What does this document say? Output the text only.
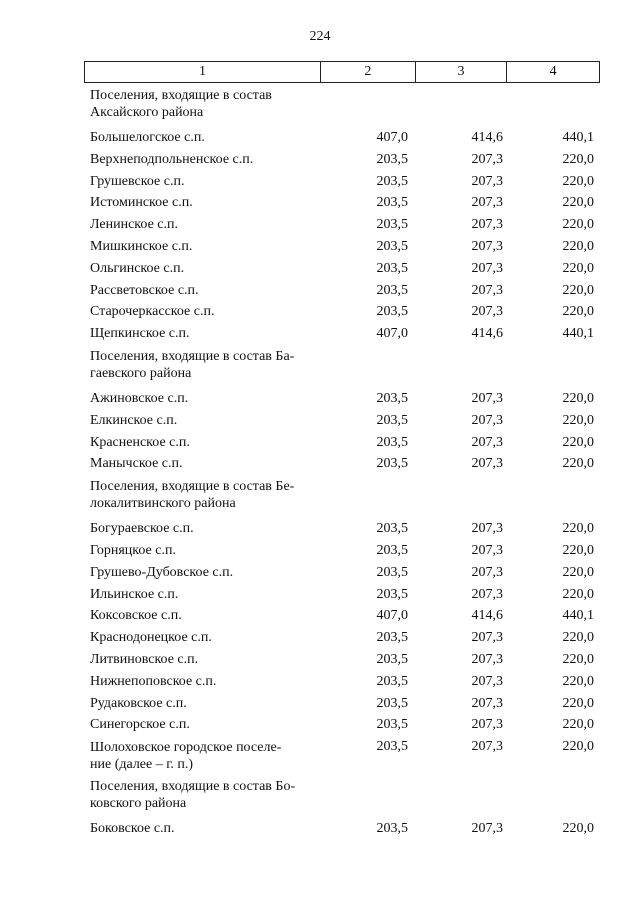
224
1	2	3	4
Поселения, входящие в состав
Аксайского района
Большелогское с.п.	407,0	414,6	440,1
Верхнеподпольненское с.п.	203,5	207,3	220,0
Грушевское с.п.	203,5	207,3	220,0
Истоминское с.п.	203,5	207,3	220,0
Ленинское с.п.	203,5	207,3	220,0
Мишкинское с.п.	203,5	207,3	220,0
Ольгинское с.п.	203,5	207,3	220,0
Рассветовское с.п.	203,5	207,3	220,0
Старочеркасское с.п.	203,5	207,3	220,0
Щепкинское с.п.	407,0	414,6	440,1
Поселения, входящие в состав Ба-
гаевского района
Ажиновское с.п.	203,5	207,3	220,0
Елкинское с.п.	203,5	207,3	220,0
Красненское с.п.	203,5	207,3	220,0
Манычское с.п.	203,5	207,3	220,0
Поселения, входящие в состав Бе-
локалитвинского района
Богураевское с.п.	203,5	207,3	220,0
Горняцкое с.п.	203,5	207,3	220,0
Грушево-Дубовское с.п.	203,5	207,3	220,0
Ильинское с.п.	203,5	207,3	220,0
Коксовское с.п.	407,0	414,6	440,1
Краснодонецкое с.п.	203,5	207,3	220,0
Литвиновское с.п.	203,5	207,3	220,0
Нижнепоповское с.п.	203,5	207,3	220,0
Рудаковское с.п.	203,5	207,3	220,0
Синегорское с.п.	203,5	207,3	220,0
Шолоховское городское поселе-
ние (далее – г. п.)
203,5	207,3	220,0
Поселения, входящие в состав Бо-
ковского района
Боковское с.п.	203,5	207,3	220,0
